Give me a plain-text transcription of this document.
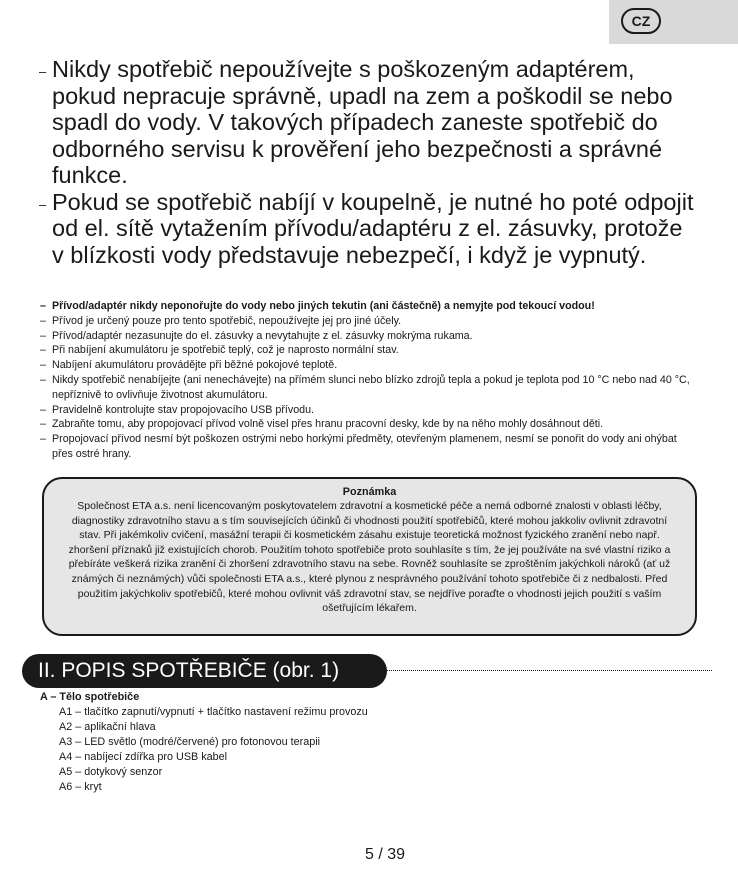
CZ
– Nikdy spotřebič nepoužívejte s poškozeným adaptérem, pokud nepracuje správně, upadl na zem a poškodil se nebo spadl do vody. V takových případech zaneste spotřebič do odborného servisu k prověření jeho bezpečnosti a správné funkce.
– Pokud se spotřebič nabíjí v koupelně, je nutné ho poté odpojit od el. sítě vytažením přívodu/adaptéru z el. zásuvky, protože v blízkosti vody představuje nebezpečí, i když je vypnutý.
– Přívod/adaptér nikdy neponořujte do vody nebo jiných tekutin (ani částečně) a nemyjte pod tekoucí vodou!
– Přívod je určený pouze pro tento spotřebič, nepoužívejte jej pro jiné účely.
– Přívod/adaptér nezasunujte do el. zásuvky a nevytahujte z el. zásuvky mokrýma rukama.
– Při nabíjení akumulátoru je spotřebič teplý, což je naprosto normální stav.
– Nabíjení akumulátoru provádějte při běžné pokojové teplotě.
– Nikdy spotřebič nenabíjejte (ani nenechávejte) na přímém slunci nebo blízko zdrojů tepla a pokud je teplota pod 10 °C nebo nad 40 °C, nepříznivě to ovlivňuje životnost akumulátoru.
– Pravidelně kontrolujte stav propojovacího USB přívodu.
– Zabraňte tomu, aby propojovací přívod volně visel přes hranu pracovní desky, kde by na něho mohly dosáhnout děti.
– Propojovací přívod nesmí být poškozen ostrými nebo horkými předměty, otevřeným plamenem, nesmí se ponořit do vody ani ohýbat přes ostré hrany.
Poznámka
Společnost ETA a.s. není licencovaným poskytovatelem zdravotní a kosmetické péče a nemá odborné znalosti v oblasti léčby, diagnostiky zdravotního stavu a s tím souvisejících účinků či vhodnosti použití spotřebičů, které mohou jakkoliv ovlivnit zdravotní stav. Při jakémkoliv cvičení, masážní terapii či kosmetickém zásahu existuje teoretická možnost fyzického zranění nebo např. zhoršení příznaků již existujících chorob. Použitím tohoto spotřebiče proto souhlasíte s tím, že jej používáte na své vlastní riziko a přebíráte veškerá rizika zranění či zhoršení zdravotního stavu na sebe. Rovněž souhlasíte se zproštěním jakýchkoli nároků (ať už známých či neznámých) vůči společnosti ETA a.s., které plynou z nesprávného používání tohoto spotřebiče či z nedbalosti. Před použitím jakýchkoliv spotřebičů, které mohou ovlivnit váš zdravotní stav, se nejdříve poraďte o vhodnosti jejich použití s vaším ošetřujícím lékařem.
II. POPIS SPOTŘEBIČE (obr. 1)
A – Tělo spotřebiče
A1 – tlačítko zapnutí/vypnutí + tlačítko nastavení režimu provozu
A2 – aplikační hlava
A3 – LED světlo (modré/červené) pro fotonovou terapii
A4 – nabíjecí zdířka pro USB kabel
A5 – dotykový senzor
A6 – kryt
5 / 39
